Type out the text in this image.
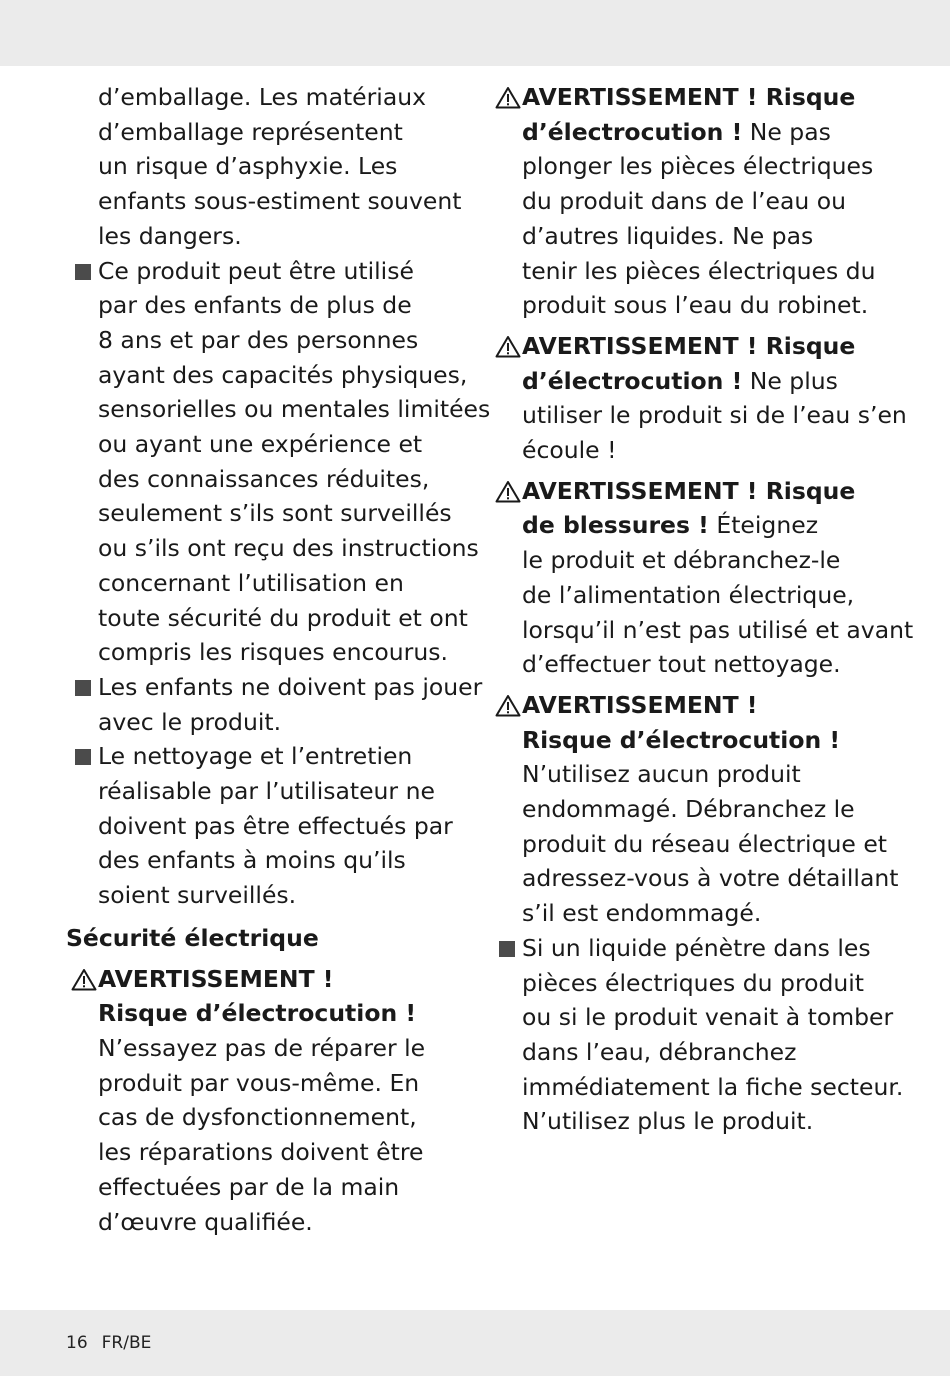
d’emballage. Les matériaux
d’emballage représentent
un risque d’asphyxie. Les
enfants sous-estiment souvent
les dangers.
Ce produit peut être utilisé
par des enfants de plus de
8 ans et par des personnes
ayant des capacités physiques,
sensorielles ou mentales limitées
ou ayant une expérience et
des connaissances réduites,
seulement s’ils sont surveillés
ou s’ils ont reçu des instructions
concernant l’utilisation en
toute sécurité du produit et ont
compris les risques encourus.
Les enfants ne doivent pas jouer
avec le produit.
Le nettoyage et l’entretien
réalisable par l’utilisateur ne
doivent pas être effectués par
des enfants à moins qu’ils
soient surveillés.
Sécurité électrique
AVERTISSEMENT !
Risque d’électrocution !
N’essayez pas de réparer le
produit par vous-même. En
cas de dysfonctionnement,
les réparations doivent être
effectuées par de la main
d’œuvre qualifiée.
AVERTISSEMENT ! Risque
d’électrocution ! Ne pas
plonger les pièces électriques
du produit dans de l’eau ou
d’autres liquides. Ne pas
tenir les pièces électriques du
produit sous l’eau du robinet.
AVERTISSEMENT ! Risque
d’électrocution ! Ne plus
utiliser le produit si de l’eau s’en
écoule !
AVERTISSEMENT ! Risque
de blessures ! Éteignez
le produit et débranchez-le
de l’alimentation électrique,
lorsqu’il n’est pas utilisé et avant
d’effectuer tout nettoyage.
AVERTISSEMENT !
Risque d’électrocution !
N’utilisez aucun produit
endommagé. Débranchez le
produit du réseau électrique et
adressez-vous à votre détaillant
s’il est endommagé.
Si un liquide pénètre dans les
pièces électriques du produit
ou si le produit venait à tomber
dans l’eau, débranchez
immédiatement la fiche secteur.
N’utilisez plus le produit.
16 FR/BE
